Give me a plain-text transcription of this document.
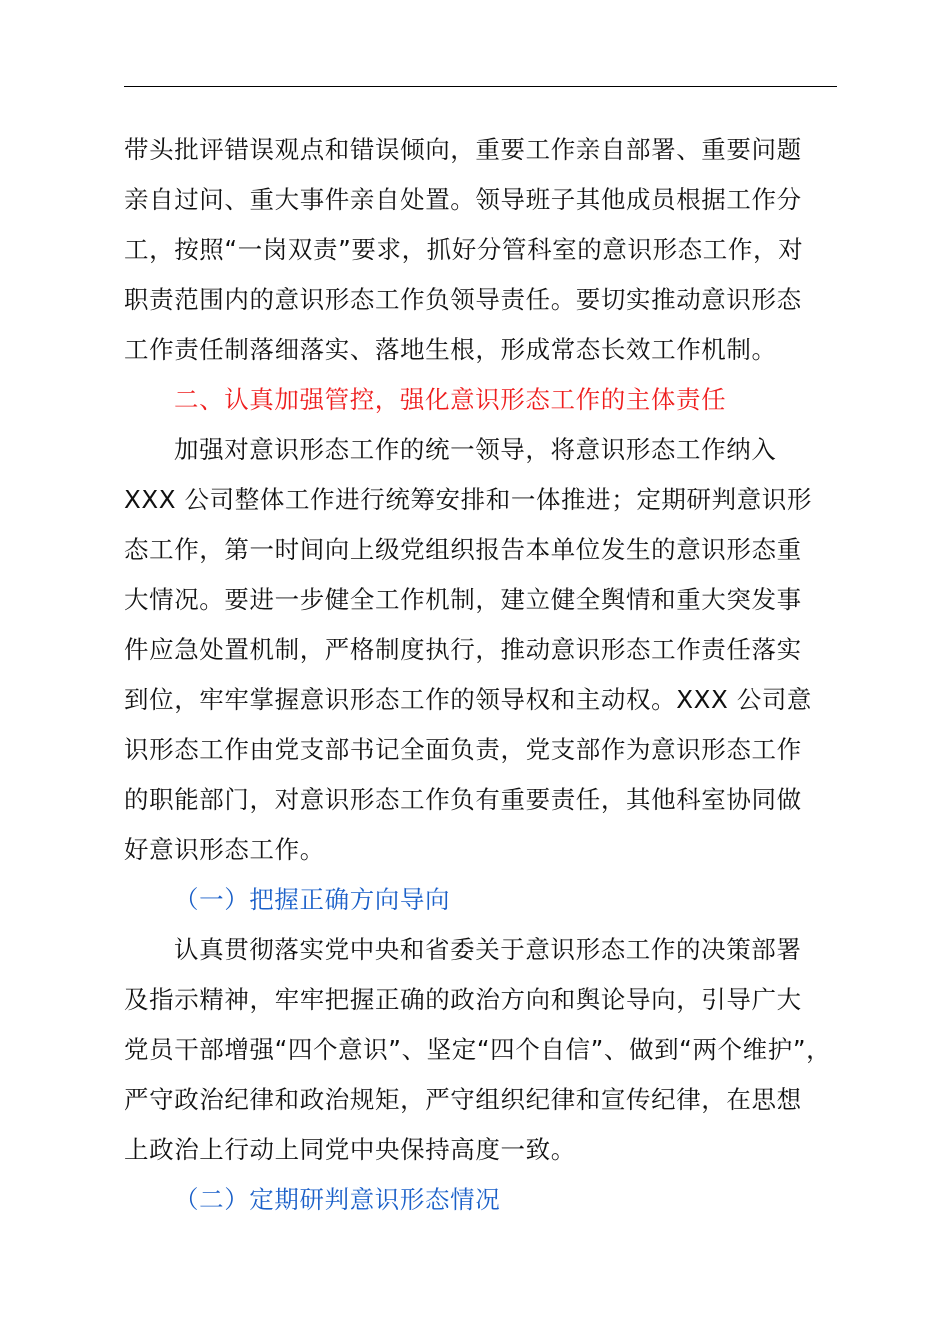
带头批评错误观点和错误倾向，重要工作亲自部署、重要问题
亲自过问、重大事件亲自处置。领导班子其他成员根据工作分
工，按照“一岗双责”要求，抓好分管科室的意识形态工作，对
职责范围内的意识形态工作负领导责任。要切实推动意识形态
工作责任制落细落实、落地生根，形成常态长效工作机制。
二、认真加强管控，强化意识形态工作的主体责任
加强对意识形态工作的统一领导，将意识形态工作纳入
XXX 公司整体工作进行统筹安排和一体推进；定期研判意识形
态工作，第一时间向上级党组织报告本单位发生的意识形态重
大情况。要进一步健全工作机制，建立健全舆情和重大突发事
件应急处置机制，严格制度执行，推动意识形态工作责任落实
到位，牢牢掌握意识形态工作的领导权和主动权。XXX 公司意
识形态工作由党支部书记全面负责，党支部作为意识形态工作
的职能部门，对意识形态工作负有重要责任，其他科室协同做
好意识形态工作。
（一）把握正确方向导向
认真贯彻落实党中央和省委关于意识形态工作的决策部署
及指示精神，牢牢把握正确的政治方向和舆论导向，引导广大
党员干部增强“四个意识”、坚定“四个自信”、做到“两个维护”，
严守政治纪律和政治规矩，严守组织纪律和宣传纪律，在思想
上政治上行动上同党中央保持高度一致。
（二）定期研判意识形态情况
